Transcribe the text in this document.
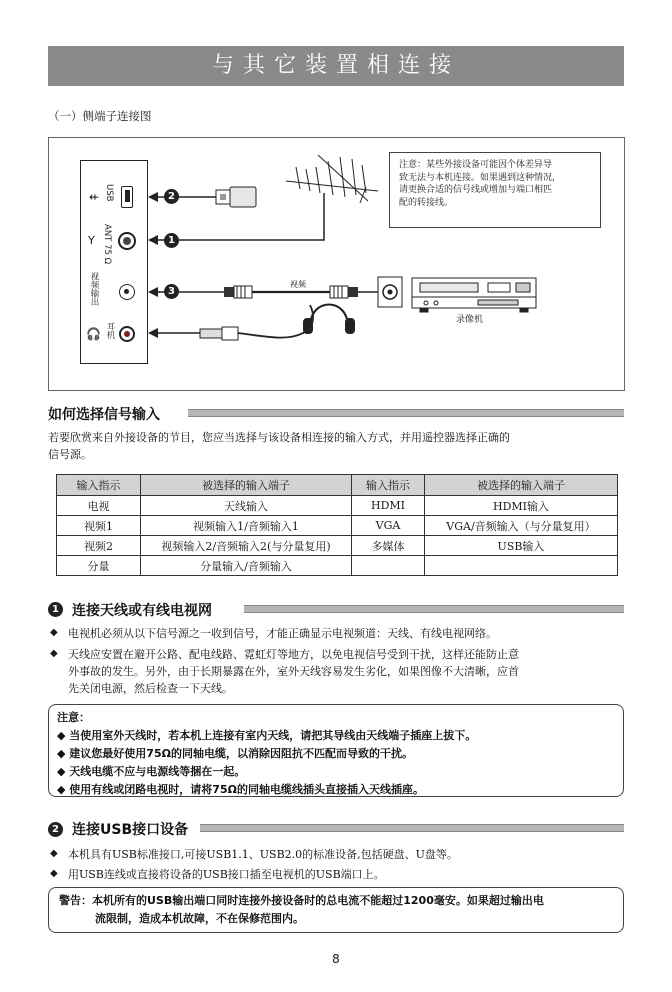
与其它装置相连接
（一）侧端子连接图
⇷ USB
Y ANT 75 Ω
视频输出
🎧 耳机
2
1
3
视频
录像机
注意：某些外接设备可能因个体差异导
致无法与本机连接。如果遇到这种情况，
请更换合适的信号线或增加与端口相匹
配的转接线。
如何选择信号输入
若要欣赏来自外接设备的节目，您应当选择与该设备相连接的输入方式，并用遥控器选择正确的
信号源。
输入指示	被选择的输入端子	输入指示	被选择的输入端子
电视	天线输入	HDMI	HDMI输入
视频1	视频输入1/音频输入1	VGA	VGA/音频输入（与分量复用）
视频2	视频输入2/音频输入2(与分量复用)	多媒体	USB输入
分量	分量输入/音频输入		
1 连接天线或有线电视网
◆ 电视机必须从以下信号源之一收到信号，才能正确显示电视频道：天线、有线电视网络。
◆ 天线应安置在避开公路、配电线路、霓虹灯等地方，以免电视信号受到干扰，这样还能防止意
外事故的发生。另外，由于长期暴露在外，室外天线容易发生劣化，如果图像不大清晰，应首
先关闭电源，然后检查一下天线。
注意：
◆ 当使用室外天线时，若本机上连接有室内天线，请把其导线由天线端子插座上拔下。
◆ 建议您最好使用75Ω的同轴电缆，以消除因阻抗不匹配而导致的干扰。
◆ 天线电缆不应与电源线等捆在一起。
◆ 使用有线或闭路电视时，请将75Ω的同轴电缆线插头直接插入天线插座。
2 连接USB接口设备
◆ 本机具有USB标准接口,可接USB1.1、USB2.0的标准设备,包括硬盘、U盘等。
◆ 用USB连线或直接将设备的USB接口插至电视机的USB端口上。
警告：本机所有的USB输出端口同时连接外接设备时的总电流不能超过1200毫安。如果超过输出电
流限制，造成本机故障，不在保修范围内。
8
